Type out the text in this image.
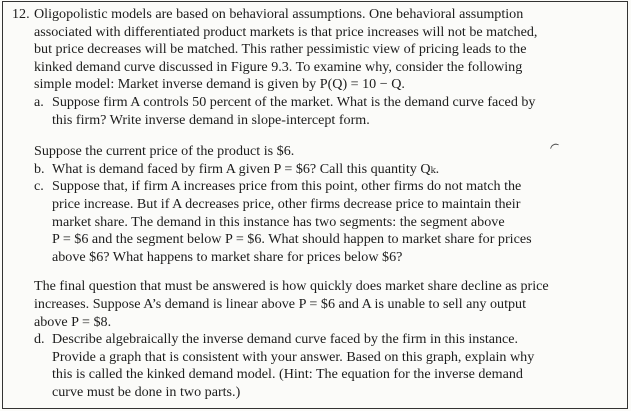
12. Oligopolistic models are based on behavioral assumptions. One behavioral assumption
associated with differentiated product markets is that price increases will not be matched,
but price decreases will be matched. This rather pessimistic view of pricing leads to the
kinked demand curve discussed in Figure 9.3. To examine why, consider the following
simple model: Market inverse demand is given by P(Q) = 10 − Q.
a. Suppose firm A controls 50 percent of the market. What is the demand curve faced by
this firm? Write inverse demand in slope-intercept form.
Suppose the current price of the product is $6.
b. What is demand faced by firm A given P = $6? Call this quantity Qₖ.
c. Suppose that, if firm A increases price from this point, other firms do not match the
price increase. But if A decreases price, other firms decrease price to maintain their
market share. The demand in this instance has two segments: the segment above
P = $6 and the segment below P = $6. What should happen to market share for prices
above $6? What happens to market share for prices below $6?
The final question that must be answered is how quickly does market share decline as price
increases. Suppose A’s demand is linear above P = $6 and A is unable to sell any output
above P = $8.
d. Describe algebraically the inverse demand curve faced by the firm in this instance.
Provide a graph that is consistent with your answer. Based on this graph, explain why
this is called the kinked demand model. (Hint: The equation for the inverse demand
curve must be done in two parts.)
